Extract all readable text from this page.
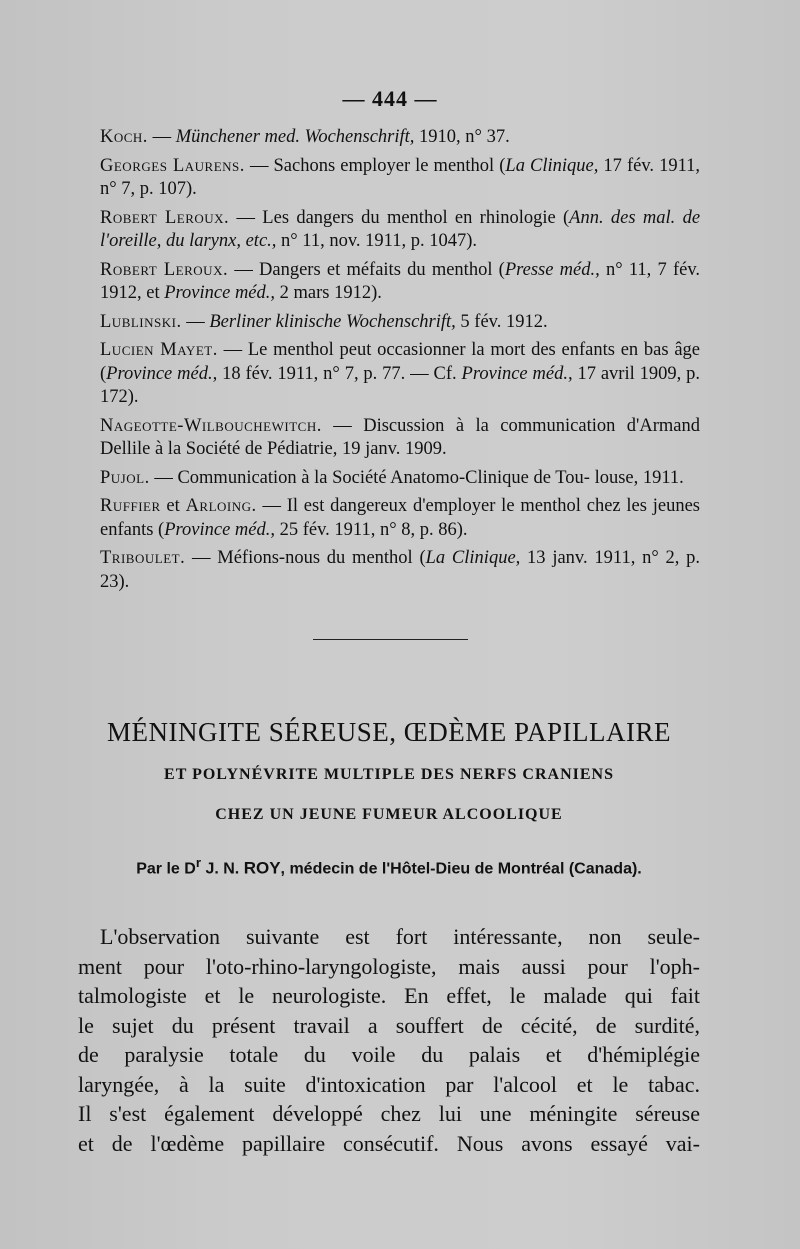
— 444 —
Koch. — Münchener med. Wochenschrift, 1910, n° 37.
Georges Laurens. — Sachons employer le menthol (La Clinique, 17 fév. 1911, n° 7, p. 107).
Robert Leroux. — Les dangers du menthol en rhinologie (Ann. des mal. de l'oreille, du larynx, etc., n° 11, nov. 1911, p. 1047).
Robert Leroux. — Dangers et méfaits du menthol (Presse méd., n° 11, 7 fév. 1912, et Province méd., 2 mars 1912).
Lublinski. — Berliner klinische Wochenschrift, 5 fév. 1912.
Lucien Mayet. — Le menthol peut occasionner la mort des enfants en bas âge (Province méd., 18 fév. 1911, n° 7, p. 77. — Cf. Province méd., 17 avril 1909, p. 172).
Nageotte-Wilbouchewitch. — Discussion à la communication d'Armand Dellile à la Société de Pédiatrie, 19 janv. 1909.
Pujol. — Communication à la Société Anatomo-Clinique de Tou- louse, 1911.
Ruffier et Arloing. — Il est dangereux d'employer le menthol chez les jeunes enfants (Province méd., 25 fév. 1911, n° 8, p. 86).
Triboulet. — Méfions-nous du menthol (La Clinique, 13 janv. 1911, n° 2, p. 23).
MÉNINGITE SÉREUSE, ŒDÈME PAPILLAIRE
ET POLYNÉVRITE MULTIPLE DES NERFS CRANIENS
CHEZ UN JEUNE FUMEUR ALCOOLIQUE
Par le $D^r$ J. N. ROY, médecin de l'Hôtel-Dieu de Montréal (Canada).
L'observation suivante est fort intéressante, non seule-
ment pour l'oto-rhino-laryngologiste, mais aussi pour l'oph-
talmologiste et le neurologiste. En effet, le malade qui fait
le sujet du présent travail a souffert de cécité, de surdité,
de paralysie totale du voile du palais et d'hémiplégie
laryngée, à la suite d'intoxication par l'alcool et le tabac.
Il s'est également développé chez lui une méningite séreuse
et de l'œdème papillaire consécutif. Nous avons essayé vai-
